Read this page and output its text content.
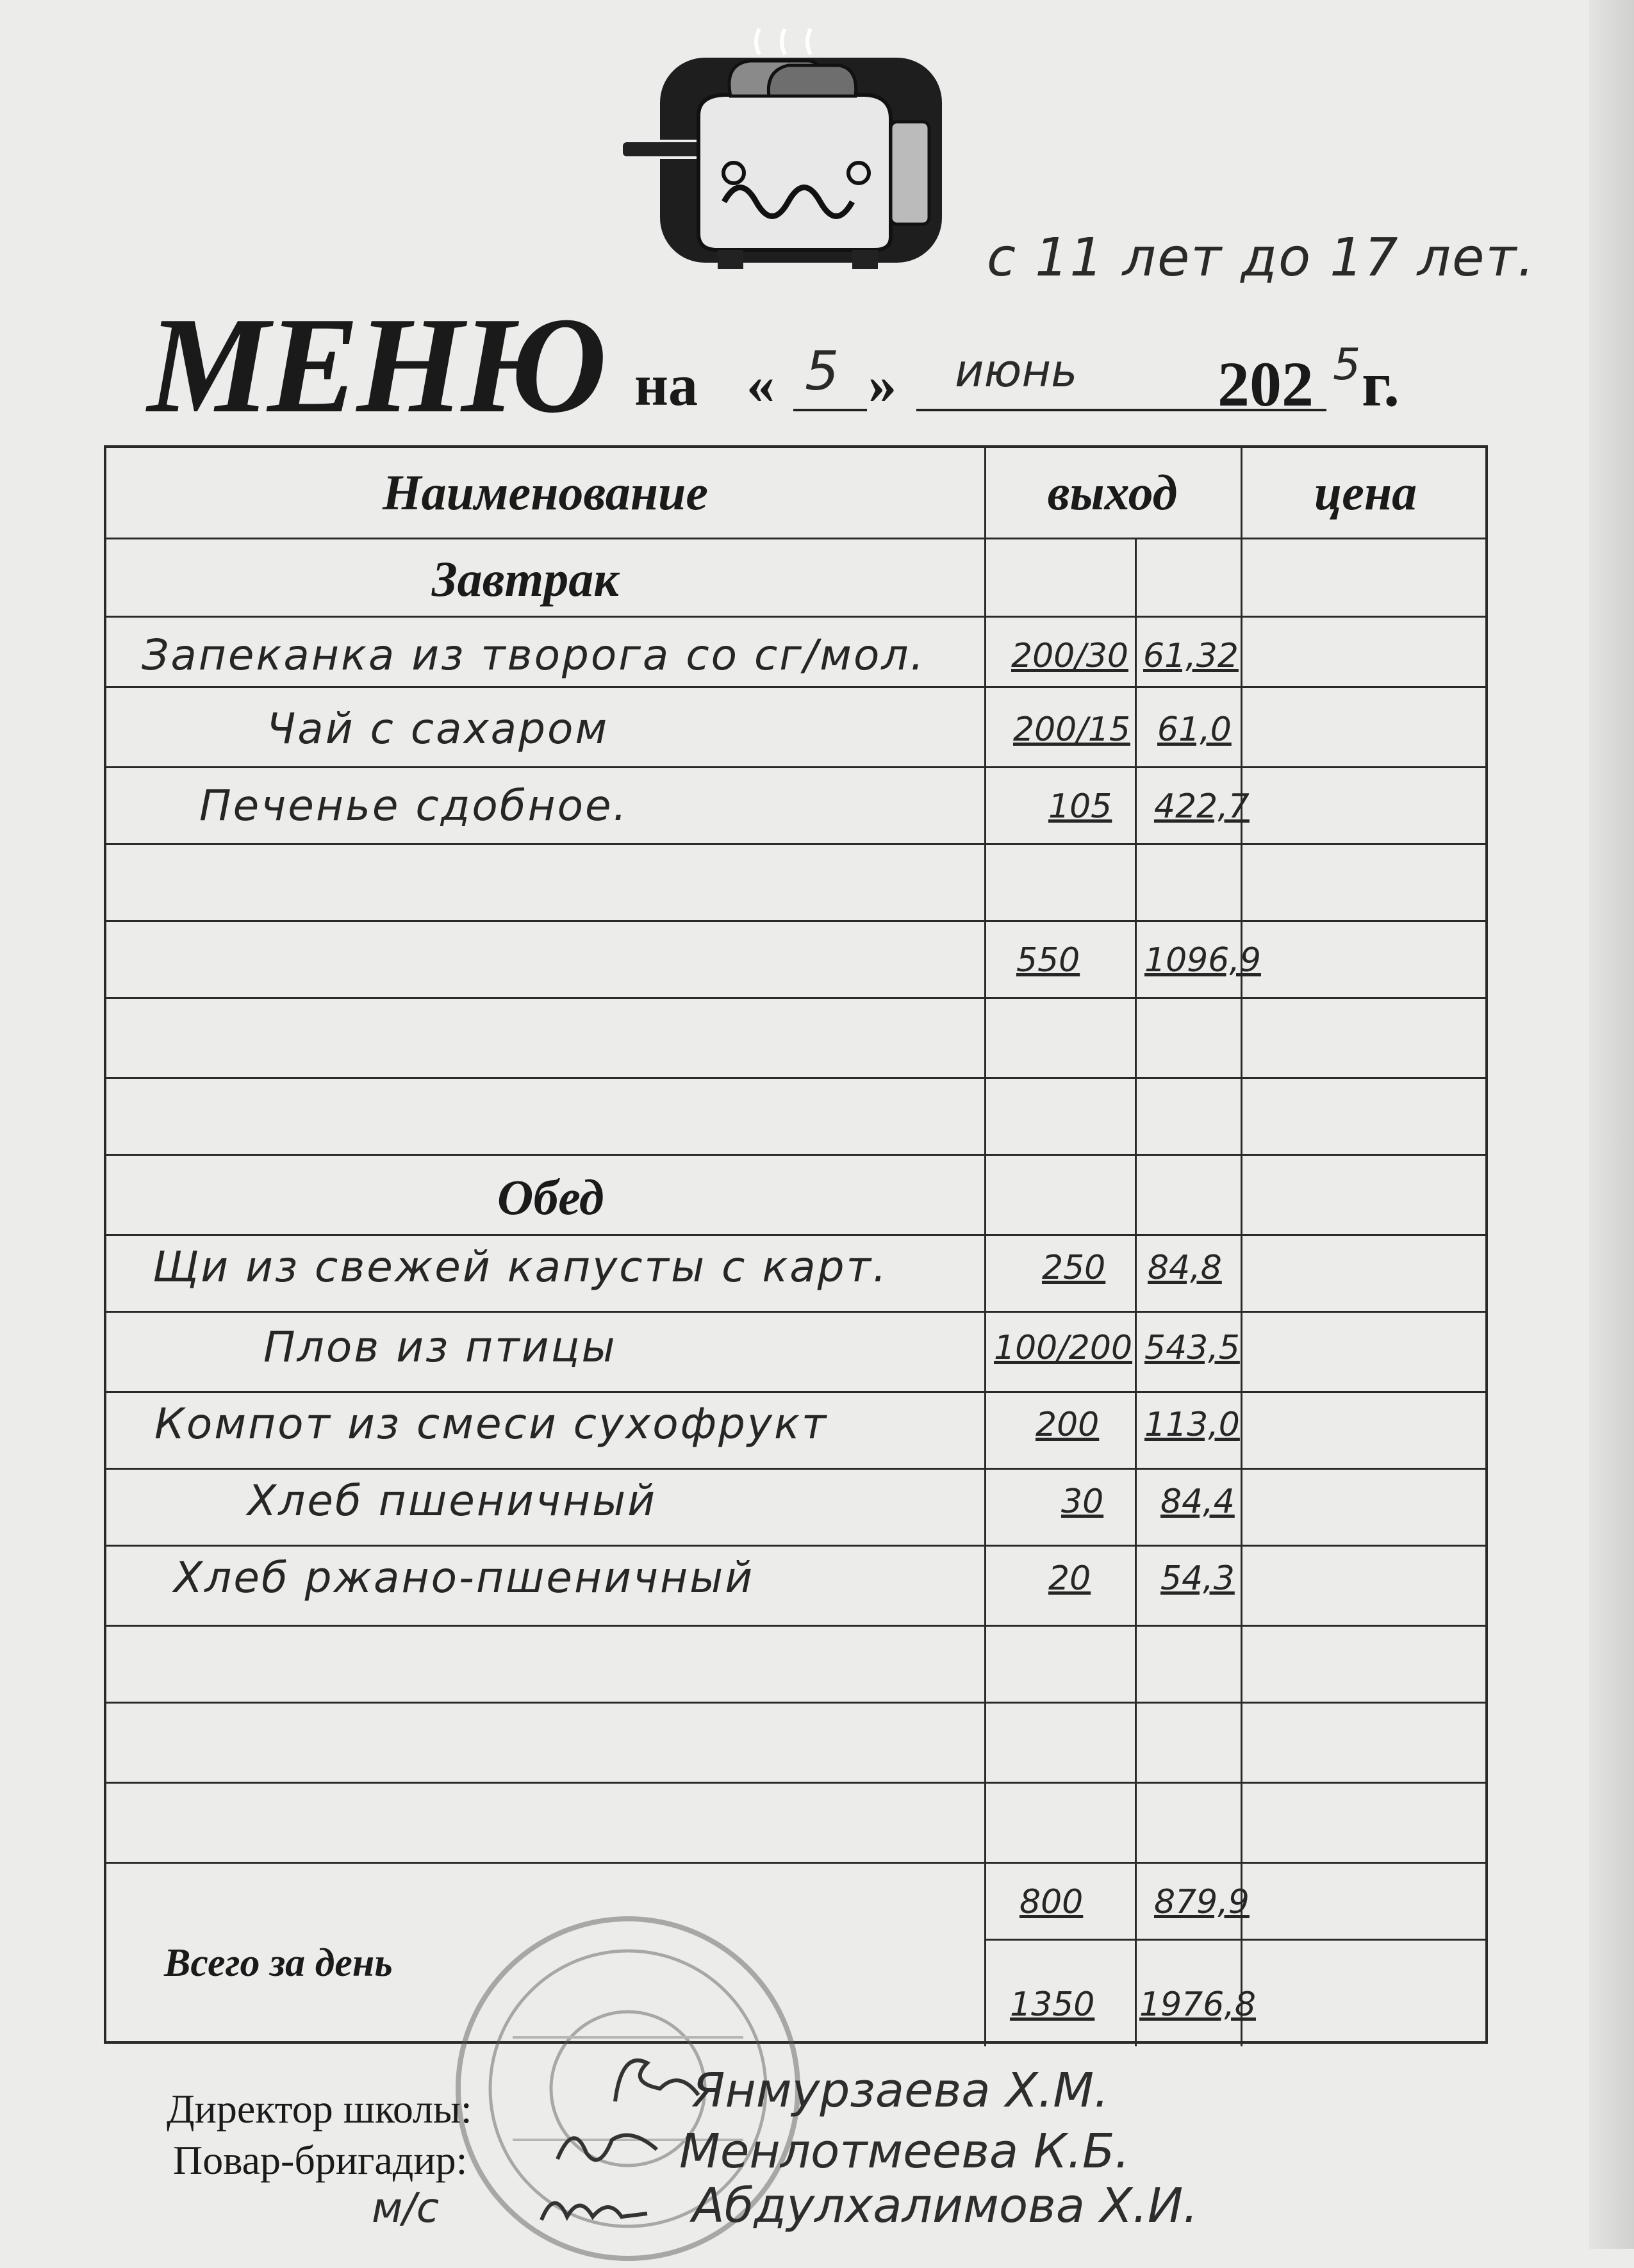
с 11 лет до 17 лет.
МЕНЮ на « 5 » июнь 202 5 г.
Наименование	выход	цена
Завтрак
Запеканка из творога со сг/мол.	200/30 61,32
Чай с сахаром	200/15 61,0
Печенье сдобное.	105 422,7
550 1096,9
Обед
Щи из свежей капусты с карт.	250 84,8
Плов из птицы	100/200 543,5
Компот из смеси сухофрукт	200 113,0
Хлеб пшеничный	30 84,4
Хлеб ржано-пшеничный	20 54,3
800 879,9
Всего за день
1350 1976,8
Директор школы:	Янмурзаева Х.М.
Повар-бригадир:	Менлотмеева К.Б.
м/с	Абдулхалимова Х.И.
